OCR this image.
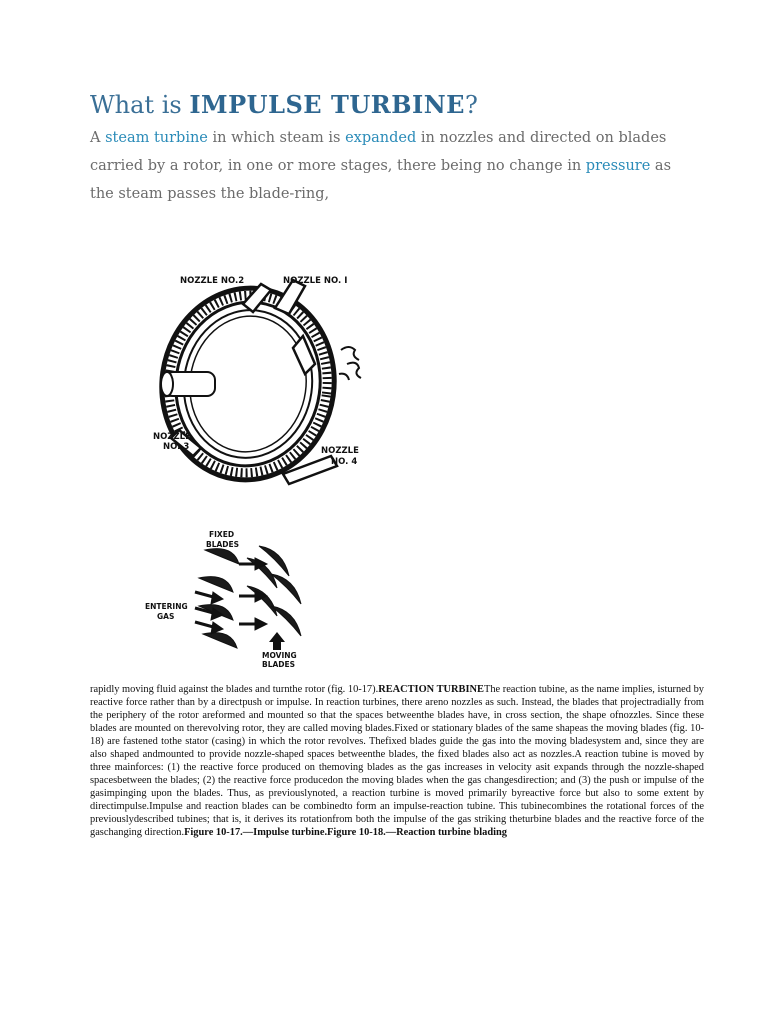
What is IMPULSE TURBINE?

A steam turbine in which steam is expanded in nozzles and directed on blades carried by a rotor, in one or more stages, there being no change in pressure as the steam passes the blade-ring,

NOZZLE NO.2	NOZZLE NO. I
NOZZLE
NO. 3	NOZZLE
NO. 4
FIXED
BLADES
ENTERING
GAS
MOVING
BLADES

rapidly moving fluid against the blades and turnthe rotor (fig. 10-17).REACTION TURBINEThe reaction tubine, as the name implies, isturned by reactive force rather than by a directpush or impulse. In reaction turbines, there areno nozzles as such. Instead, the blades that projectradially from the periphery of the rotor areformed and mounted so that the spaces betweenthe blades have, in cross section, the shape ofnozzles. Since these blades are mounted on therevolving rotor, they are called moving blades.Fixed or stationary blades of the same shapeas the moving blades (fig. 10-18) are fastened tothe stator (casing) in which the rotor revolves. Thefixed blades guide the gas into the moving bladesystem and, since they are also shaped andmounted to provide nozzle-shaped spaces betweenthe blades, the fixed blades also act as nozzles.A reaction tubine is moved by three mainforces: (1) the reactive force produced on themoving blades as the gas increases in velocity asit expands through the nozzle-shaped spacesbetween the blades; (2) the reactive force producedon the moving blades when the gas changesdirection; and (3) the push or impulse of the gasimpinging upon the blades. Thus, as previouslynoted, a reaction turbine is moved primarily byreactive force but also to some extent by directimpulse.Impulse and reaction blades can be combinedto form an impulse-reaction tubine. This tubinecombines the rotational forces of the previouslydescribed tubines; that is, it derives its rotationfrom both the impulse of the gas striking theturbine blades and the reactive force of the gaschanging direction.Figure 10-17.—Impulse turbine.Figure 10-18.—Reaction turbine blading
